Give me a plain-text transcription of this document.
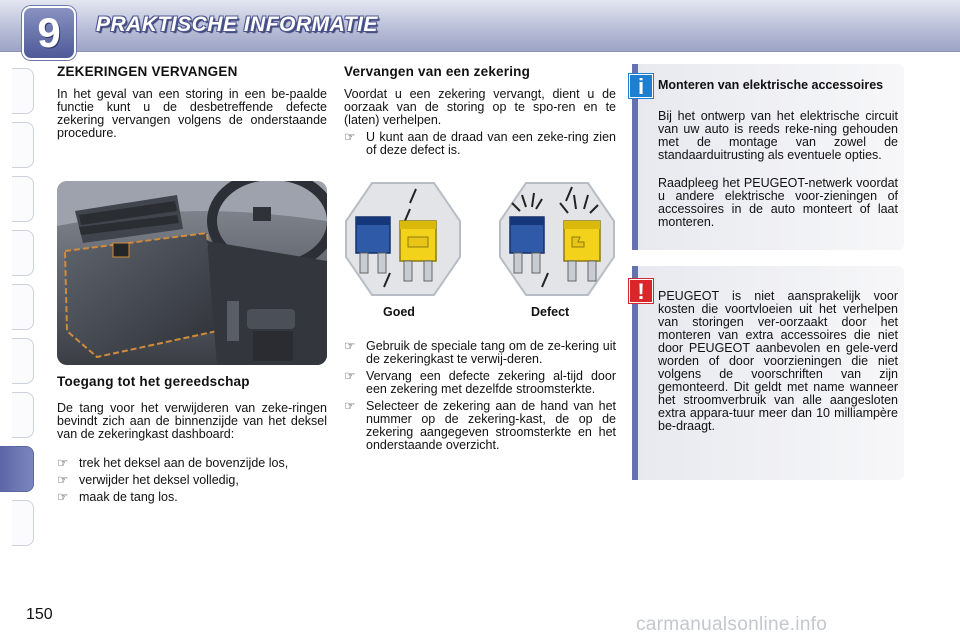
9	PRAKTISCHE INFORMATIE
ZEKERINGEN VERVANGEN
In het geval van een storing in een be-paalde functie kunt u de desbetreffende defecte zekering vervangen volgens de onderstaande procedure.
Toegang tot het gereedschap
De tang voor het verwijderen van zeke-ringen bevindt zich aan de binnenzijde van het deksel van de zekeringkast dashboard:
☞ trek het deksel aan de bovenzijde los,
☞ verwijder het deksel volledig,
☞ maak de tang los.
Vervangen van een zekering
Voordat u een zekering vervangt, dient u de oorzaak van de storing op te spo-ren en te (laten) verhelpen.
☞ U kunt aan de draad van een zeke-ring zien of deze defect is.
Goed	Defect
☞ Gebruik de speciale tang om de ze-kering uit de zekeringkast te verwij-deren.
☞ Vervang een defecte zekering al-tijd door een zekering met dezelfde stroomsterkte.
☞ Selecteer de zekering aan de hand van het nummer op de zekering-kast, de op de zekering aangegeven stroomsterkte en het onderstaande overzicht.
i	Monteren van elektrische accessoires
Bij het ontwerp van het elektrische circuit van uw auto is reeds reke-ning gehouden met de montage van zowel de standaarduitrusting als eventuele opties.
Raadpleeg het PEUGEOT-netwerk voordat u andere elektrische voor-zieningen of accessoires in de auto monteert of laat monteren.
!	PEUGEOT is niet aansprakelijk voor kosten die voortvloeien uit het verhelpen van storingen ver-oorzaakt door het monteren van extra accessoires die niet door PEUGEOT aanbevolen en gele-verd worden of door voorzieningen die niet volgens de voorschriften van zijn gemonteerd. Dit geldt met name wanneer het stroomverbruik van alle aangesloten extra appara-tuur meer dan 10 milliampère be-draagt.
150	carmanualsonline.info
